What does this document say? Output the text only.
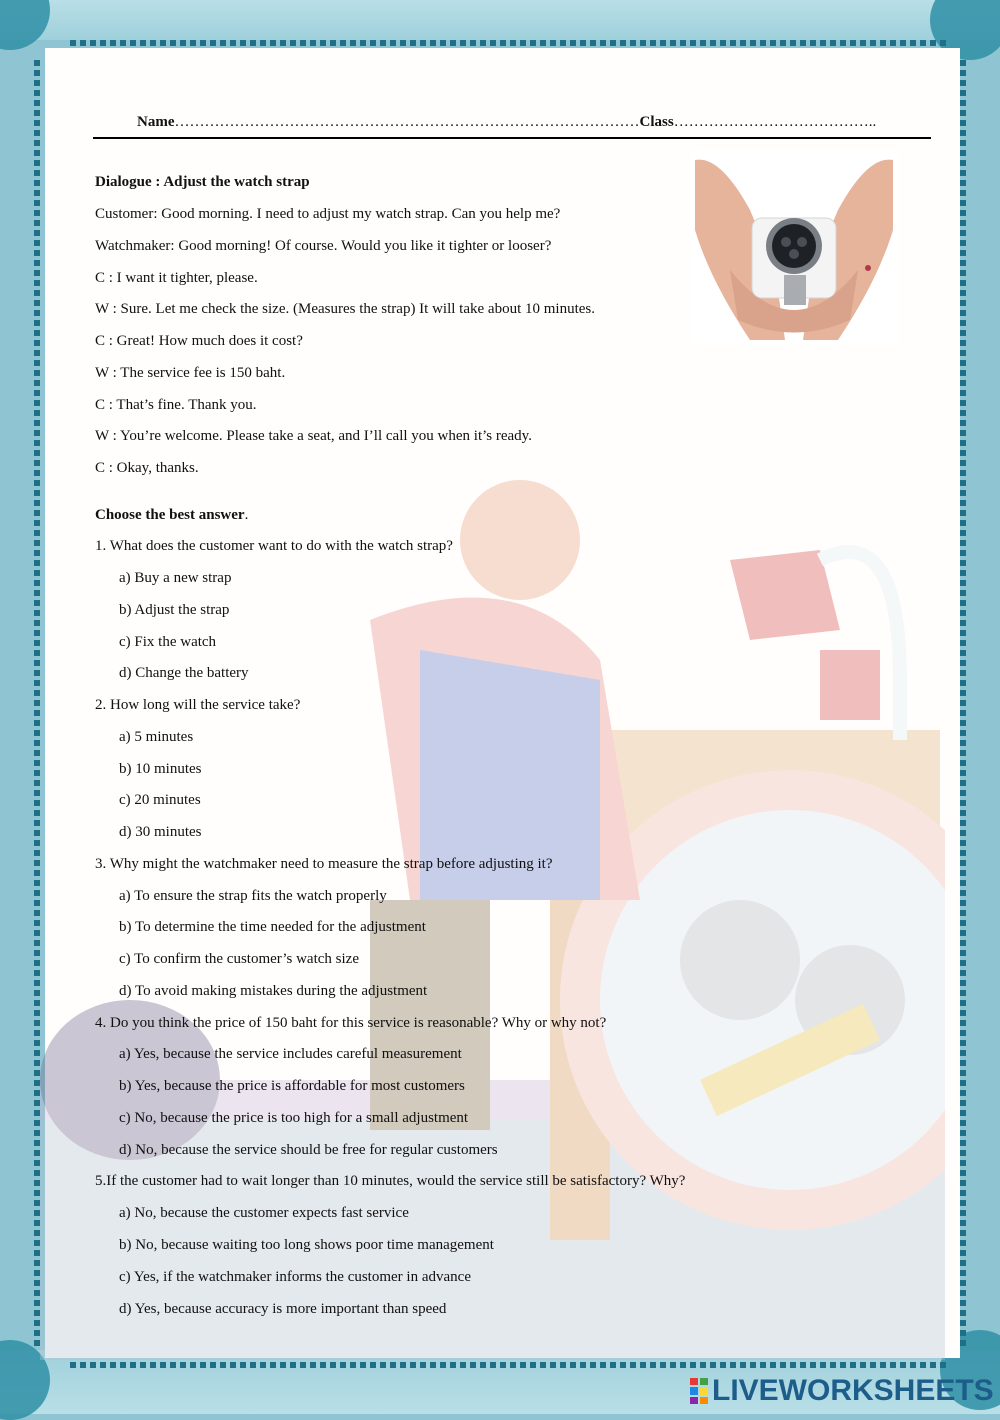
Name…………………………………………………………………………………Class…………………………………..
Dialogue : Adjust the watch strap
Customer: Good morning. I need to adjust my watch strap. Can you help me?
Watchmaker: Good morning! Of course. Would you like it tighter or looser?
C : I want it tighter, please.
W : Sure. Let me check the size. (Measures the strap) It will take about 10 minutes.
C : Great! How much does it cost?
W : The service fee is 150 baht.
C : That’s fine. Thank you.
W : You’re welcome. Please take a seat, and I’ll call you when it’s ready.
C : Okay, thanks.
Choose the best answer.
1. What does the customer want to do with the watch strap?
a) Buy a new strap
b) Adjust the strap
c) Fix the watch
d) Change the battery
2. How long will the service take?
a) 5 minutes
b) 10 minutes
c) 20 minutes
d) 30 minutes
3. Why might the watchmaker need to measure the strap before adjusting it?
a) To ensure the strap fits the watch properly
b) To determine the time needed for the adjustment
c) To confirm the customer’s watch size
d) To avoid making mistakes during the adjustment
4. Do you think the price of 150 baht for this service is reasonable? Why or why not?
a) Yes, because the service includes careful measurement
b) Yes, because the price is affordable for most customers
c) No, because the price is too high for a small adjustment
d) No, because the service should be free for regular customers
5.If the customer had to wait longer than 10 minutes, would the service still be satisfactory? Why?
a) No, because the customer expects fast service
b) No, because waiting too long shows poor time management
c) Yes, if the watchmaker informs the customer in advance
d) Yes, because accuracy is more important than speed
LIVEWORKSHEETS
